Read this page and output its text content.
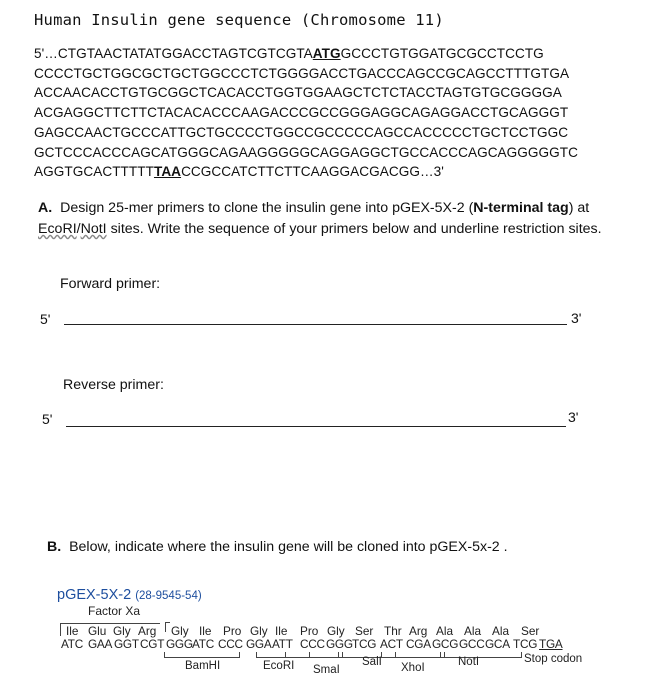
Human Insulin gene sequence (Chromosome 11)
5'…CTGTAACTATATGGACCTAGTCGTCGTAATGGCCCTGTGGATGCGCCTCCTG
CCCCTGCTGGCGCTGCTGGCCCTCTGGGGACCTGACCCAGCCGCAGCCTTTGTGA
ACCAACACCTGTGCGGCTCACACCTGGTGGAAGCTCTCTACCTAGTGTGCGGGGA
ACGAGGCTTCTTCTACACACCCAAGACCCGCCGGGAGGCAGAGGACCTGCAGGGT
GAGCCAACTGCCCATTGCTGCCCCTGGCCGCCCCCAGCCACCCCCTGCTCCTGGC
GCTCCCACCCAGCATGGGCAGAAGGGGGCAGGAGGCTGCCACCCAGCAGGGGGTC
AGGTGCACTTTTTTAACCGCCATCTTCTTCAAGGACGACGG…3'
A. Design 25-mer primers to clone the insulin gene into pGEX-5X-2 (N-terminal tag) at EcoRI/NotI sites. Write the sequence of your primers below and underline restriction sites.
Forward primer:
5'	3'
Reverse primer:
5'	3'
B. Below, indicate where the insulin gene will be cloned into pGEX-5x-2 .
pGEX-5X-2 (28-9545-54)
Factor Xa
Ile Glu Gly Arg Gly Ile Pro Gly Ile Pro Gly Ser Thr Arg Ala Ala Ala Ser
ATC GAA GGT CGT GGG ATC CCC GGA ATT CCC GGG TCG ACT CGA GCG GCC GCA TCG TGA
BamHI	EcoRI SmaI
SalI XhoI	NotI	Stop codon
